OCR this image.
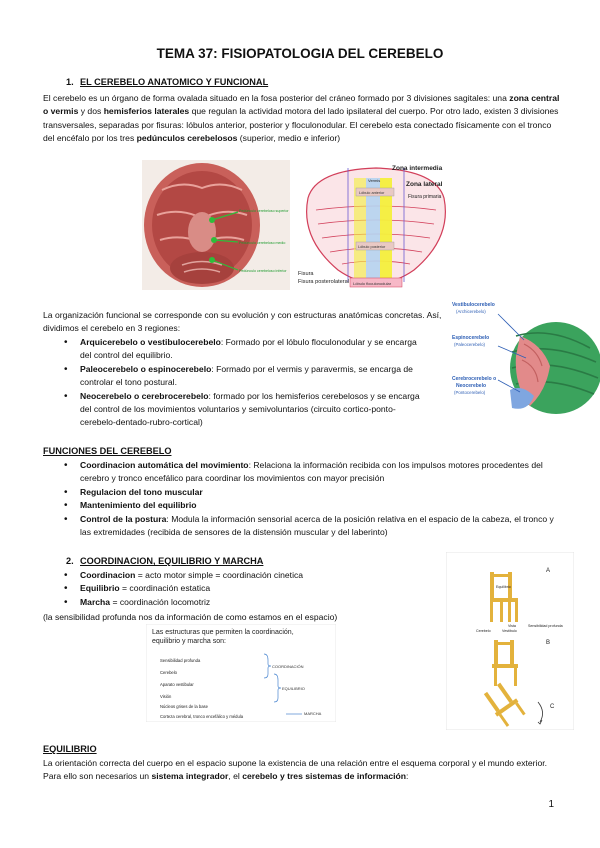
TEMA 37: FISIOPATOLOGIA DEL CEREBELO
1. EL CEREBELO ANATOMICO Y FUNCIONAL
El cerebelo es un órgano de forma ovalada situado en la fosa posterior del cráneo formado por 3 divisiones sagitales: una zona central o vermis y dos hemisferios laterales que regulan la actividad motora del lado ipsilateral del cuerpo. Por otro lado, existen 3 divisiones transversales, separadas por fisuras: lóbulos anterior, posterior y floculonodular. El cerebelo esta conectado físicamente con el tronco del encéfalo por los tres pedúnculos cerebelosos (superior, medio e inferior)
Pedúnculo cerebeloso superior
Pedúnculo cerebeloso medio
Pedúnculo cerebeloso inferior
Lóbulo anterior
Lóbulo posterior
Vermis
Zona intermedia
Zona lateral
Fisura primaria
Fisura
Fisura posterolateral Lóbulo floculonodular
La organización funcional se corresponde con su evolución y con estructuras anatómicas concretas. Así, dividimos el cerebelo en 3 regiones:
• Arquicerebelo o vestibulocerebelo: Formado por el lóbulo floculonodular y se encarga del control del equilibrio.
• Paleocerebelo o espinocerebelo: Formado por el vermis y paravermis, se encarga de controlar el tono postural.
• Neocerebelo o cerebrocerebelo: formado por los hemisferios cerebelosos y se encarga del control de los movimientos voluntarios y semivoluntarios (circuito cortico-ponto-cerebelo-dentado-rubro-cortical)
Vestibulocerebelo
(Archicerebelo)
Espinocerebelo
(Paleocerebelo)
Cerebrocerebelo o
Neocerebelo
(Pontocerebelo)
FUNCIONES DEL CEREBELO
• Coordinacion automática del movimiento: Relaciona la información recibida con los impulsos motores procedentes del cerebro y tronco encefálico para coordinar los movimientos con mayor precisión
• Regulacion del tono muscular
• Mantenimiento del equilibrio
• Control de la postura: Modula la información sensorial acerca de la posición relativa en el espacio de la cabeza, el tronco y las extremidades (recibida de sensores de la distensión muscular y del laberinto)
2. COORDINACION, EQUILIBRIO Y MARCHA
• Coordinacion = acto motor simple = coordinación cinetica
• Equilibrio = coordinación estatica
• Marcha = coordinación locomotriz
(la sensibilidad profunda nos da información de como estamos en el espacio)
Las estructuras que permiten la coordinación,
equilibrio y marcha son:
Sensibilidad profunda
Cerebelo
Aparato vestibular
Visión
Núcleos grises de la base
Corteza cerebral, tronco encefálico y médula
COORDINACIÓN
EQUILIBRIO
MARCHA
A
Equilibrio
Vista
Cerebelo	Vestíbulo
Sensibilidad profunda
B
C
EQUILIBRIO
La orientación correcta del cuerpo en el espacio supone la existencia de una relación entre el esquema corporal y el mundo exterior. Para ello son necesarios un sistema integrador, el cerebelo y tres sistemas de información:
1
